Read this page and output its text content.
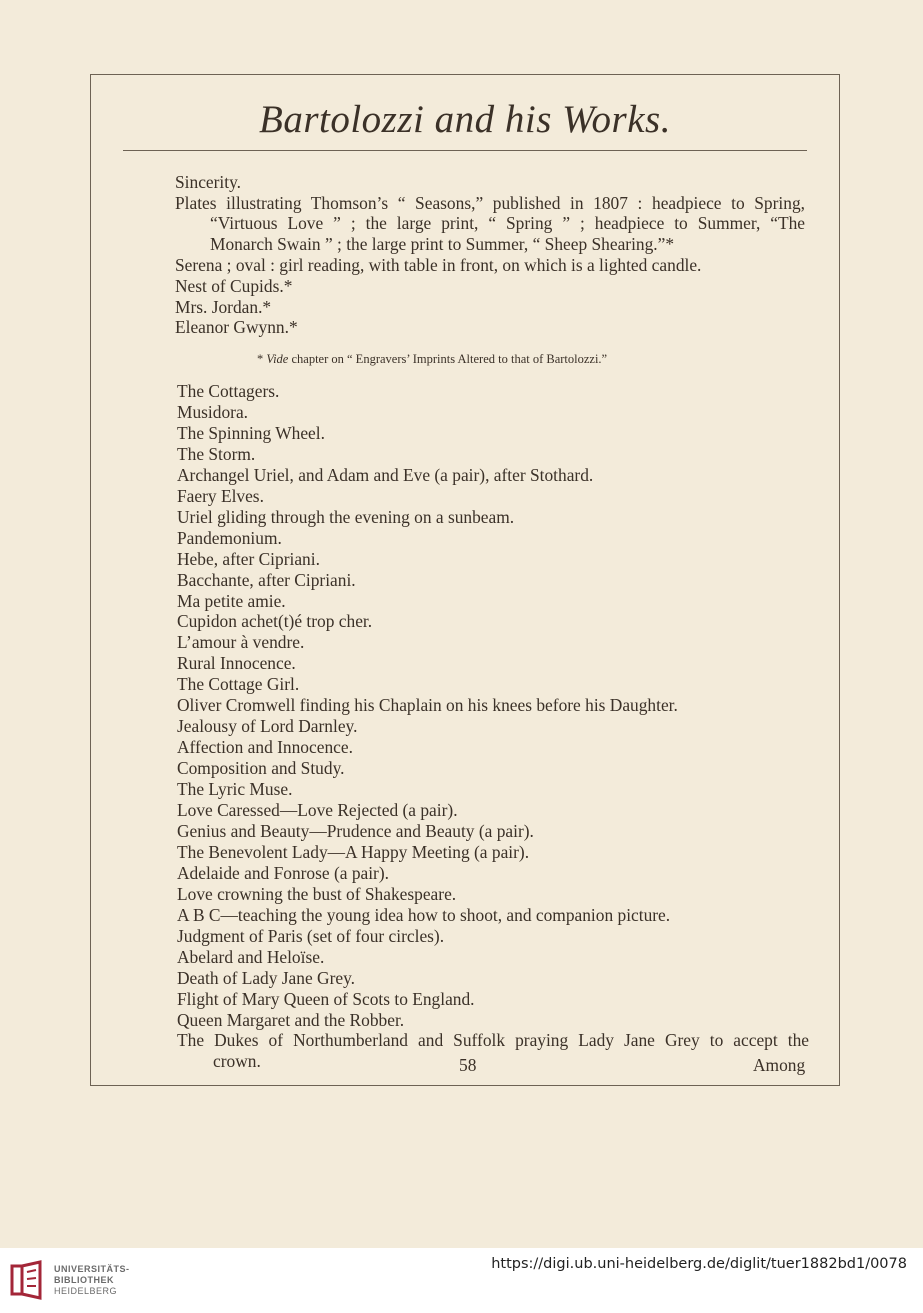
Bartolozzi and his Works.
Sincerity.
Plates illustrating Thomson’s “ Seasons,” published in 1807 : headpiece to Spring,
“Virtuous Love ” ; the large print, “ Spring ” ; headpiece to Summer, “The
Monarch Swain ” ; the large print to Summer, “ Sheep Shearing.”*
Serena ; oval : girl reading, with table in front, on which is a lighted candle.
Nest of Cupids.*
Mrs. Jordan.*
Eleanor Gwynn.*
* Vide chapter on “ Engravers’ Imprints Altered to that of Bartolozzi.”
The Cottagers.
Musidora.
The Spinning Wheel.
The Storm.
Archangel Uriel, and Adam and Eve (a pair), after Stothard.
Faery Elves.
Uriel gliding through the evening on a sunbeam.
Pandemonium.
Hebe, after Cipriani.
Bacchante, after Cipriani.
Ma petite amie.
Cupidon achet(t)é trop cher.
L’amour à vendre.
Rural Innocence.
The Cottage Girl.
Oliver Cromwell finding his Chaplain on his knees before his Daughter.
Jealousy of Lord Darnley.
Affection and Innocence.
Composition and Study.
The Lyric Muse.
Love Caressed—Love Rejected (a pair).
Genius and Beauty—Prudence and Beauty (a pair).
The Benevolent Lady—A Happy Meeting (a pair).
Adelaide and Fonrose (a pair).
Love crowning the bust of Shakespeare.
A B C—teaching the young idea how to shoot, and companion picture.
Judgment of Paris (set of four circles).
Abelard and Heloïse.
Death of Lady Jane Grey.
Flight of Mary Queen of Scots to England.
Queen Margaret and the Robber.
The Dukes of Northumberland and Suffolk praying Lady Jane Grey to accept the
crown.	58	Among
UNIVERSITÄTS-
BIBLIOTHEK
HEIDELBERG
https://digi.ub.uni-heidelberg.de/diglit/tuer1882bd1/0078
